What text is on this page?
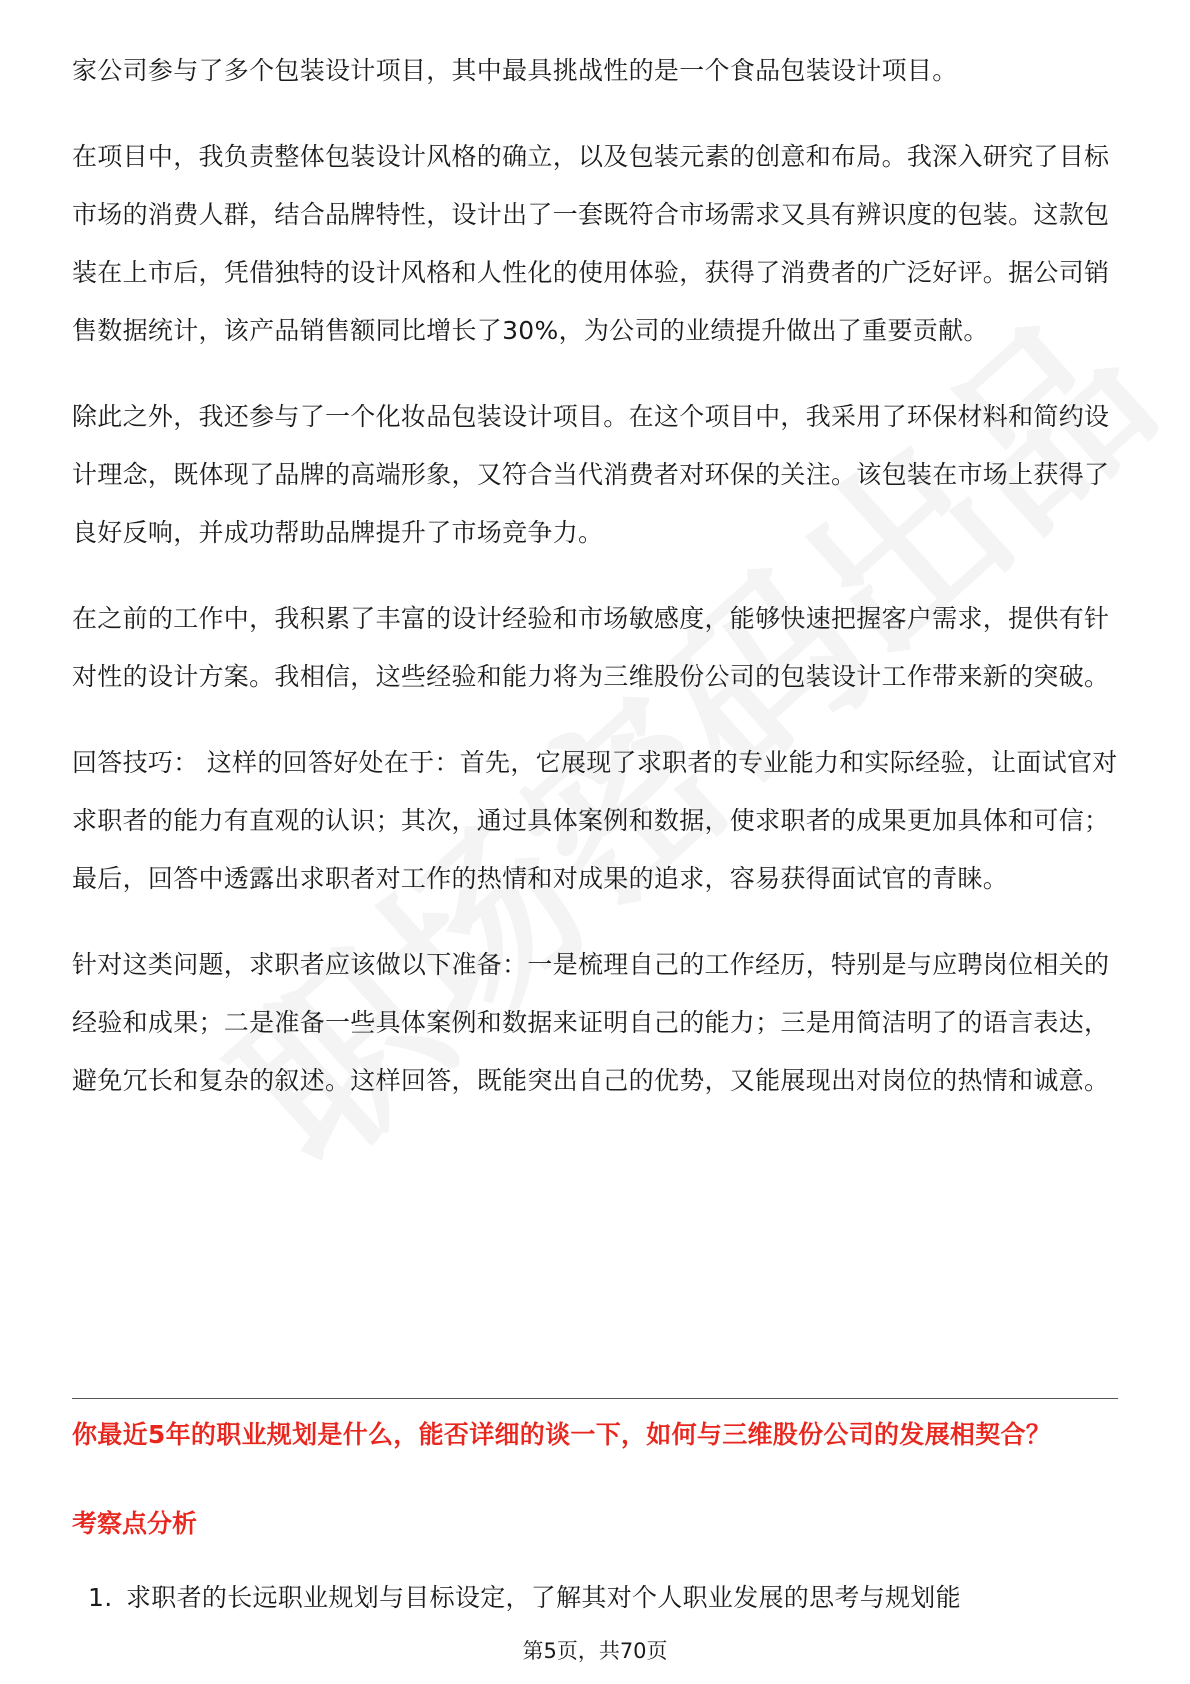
家公司参与了多个包装设计项目，其中最具挑战性的是一个食品包装设计项目。

在项目中，我负责整体包装设计风格的确立，以及包装元素的创意和布局。我深入研究了目标市场的消费人群，结合品牌特性，设计出了一套既符合市场需求又具有辨识度的包装。这款包装在上市后，凭借独特的设计风格和人性化的使用体验，获得了消费者的广泛好评。据公司销售数据统计，该产品销售额同比增长了30%，为公司的业绩提升做出了重要贡献。

除此之外，我还参与了一个化妆品包装设计项目。在这个项目中，我采用了环保材料和简约设计理念，既体现了品牌的高端形象，又符合当代消费者对环保的关注。该包装在市场上获得了良好反响，并成功帮助品牌提升了市场竞争力。

在之前的工作中，我积累了丰富的设计经验和市场敏感度，能够快速把握客户需求，提供有针对性的设计方案。我相信，这些经验和能力将为三维股份公司的包装设计工作带来新的突破。

回答技巧： 这样的回答好处在于：首先，它展现了求职者的专业能力和实际经验，让面试官对求职者的能力有直观的认识；其次，通过具体案例和数据，使求职者的成果更加具体和可信；最后，回答中透露出求职者对工作的热情和对成果的追求，容易获得面试官的青睐。

针对这类问题，求职者应该做以下准备：一是梳理自己的工作经历，特别是与应聘岗位相关的经验和成果；二是准备一些具体案例和数据来证明自己的能力；三是用简洁明了的语言表达，避免冗长和复杂的叙述。这样回答，既能突出自己的优势，又能展现出对岗位的热情和诚意。

你最近5年的职业规划是什么，能否详细的谈一下，如何与三维股份公司的发展相契合？
考察点分析
1. 求职者的长远职业规划与目标设定，了解其对个人职业发展的思考与规划能
第5页，共70页
